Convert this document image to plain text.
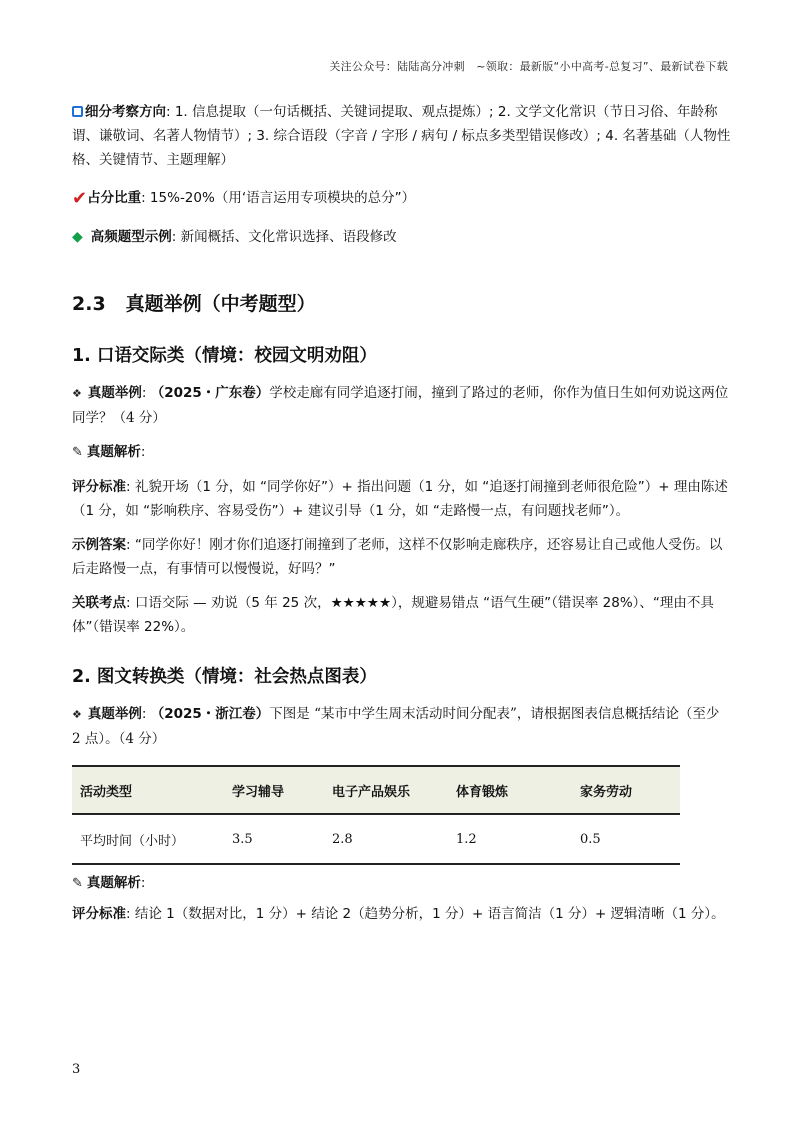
关注公众号：陆陆高分冲刺　~领取：最新版“小中高考-总复习”、最新试卷下载

细分考察方向: 1. 信息提取（一句话概括、关键词提取、观点提炼）; 2. 文学文化常识（节日习俗、年龄称谓、谦敬词、名著人物情节）; 3. 综合语段（字音 / 字形 / 病句 / 标点多类型错误修改）; 4. 名著基础（人物性格、关键情节、主题理解）

✔占分比重: 15%-20%（用‘语言运用专项模块的总分”）

◆ 高频题型示例: 新闻概括、文化常识选择、语段修改

2.3 真题举例（中考题型）
1. 口语交际类（情境：校园文明劝阻）

❖ 真题举例: （2025・广东卷）学校走廊有同学追逐打闹，撞到了路过的老师，你作为值日生如何劝说这两位同学？（4 分）

✎ 真题解析:

评分标准: 礼貌开场（1 分，如 “同学你好”）+ 指出问题（1 分，如 “追逐打闹撞到老师很危险”）+ 理由陈述（1 分，如 “影响秩序、容易受伤”）+ 建议引导（1 分，如 “走路慢一点，有问题找老师”）。

示例答案: “同学你好！刚才你们追逐打闹撞到了老师，这样不仅影响走廊秩序，还容易让自己或他人受伤。以后走路慢一点，有事情可以慢慢说，好吗？”

关联考点: 口语交际 — 劝说（5 年 25 次，★★★★★），规避易错点 “语气生硬”（错误率 28%）、“理由不具体”（错误率 22%）。

2. 图文转换类（情境：社会热点图表）

❖ 真题举例: （2025・浙江卷）下图是 “某市中学生周末活动时间分配表”，请根据图表信息概括结论（至少 2 点）。（4 分）

活动类型	学习辅导	电子产品娱乐	体育锻炼	家务劳动
平均时间（小时）	3.5	2.8	1.2	0.5

✎ 真题解析:

评分标准: 结论 1（数据对比，1 分）+ 结论 2（趋势分析，1 分）+ 语言简洁（1 分）+ 逻辑清晰（1 分）。

3
